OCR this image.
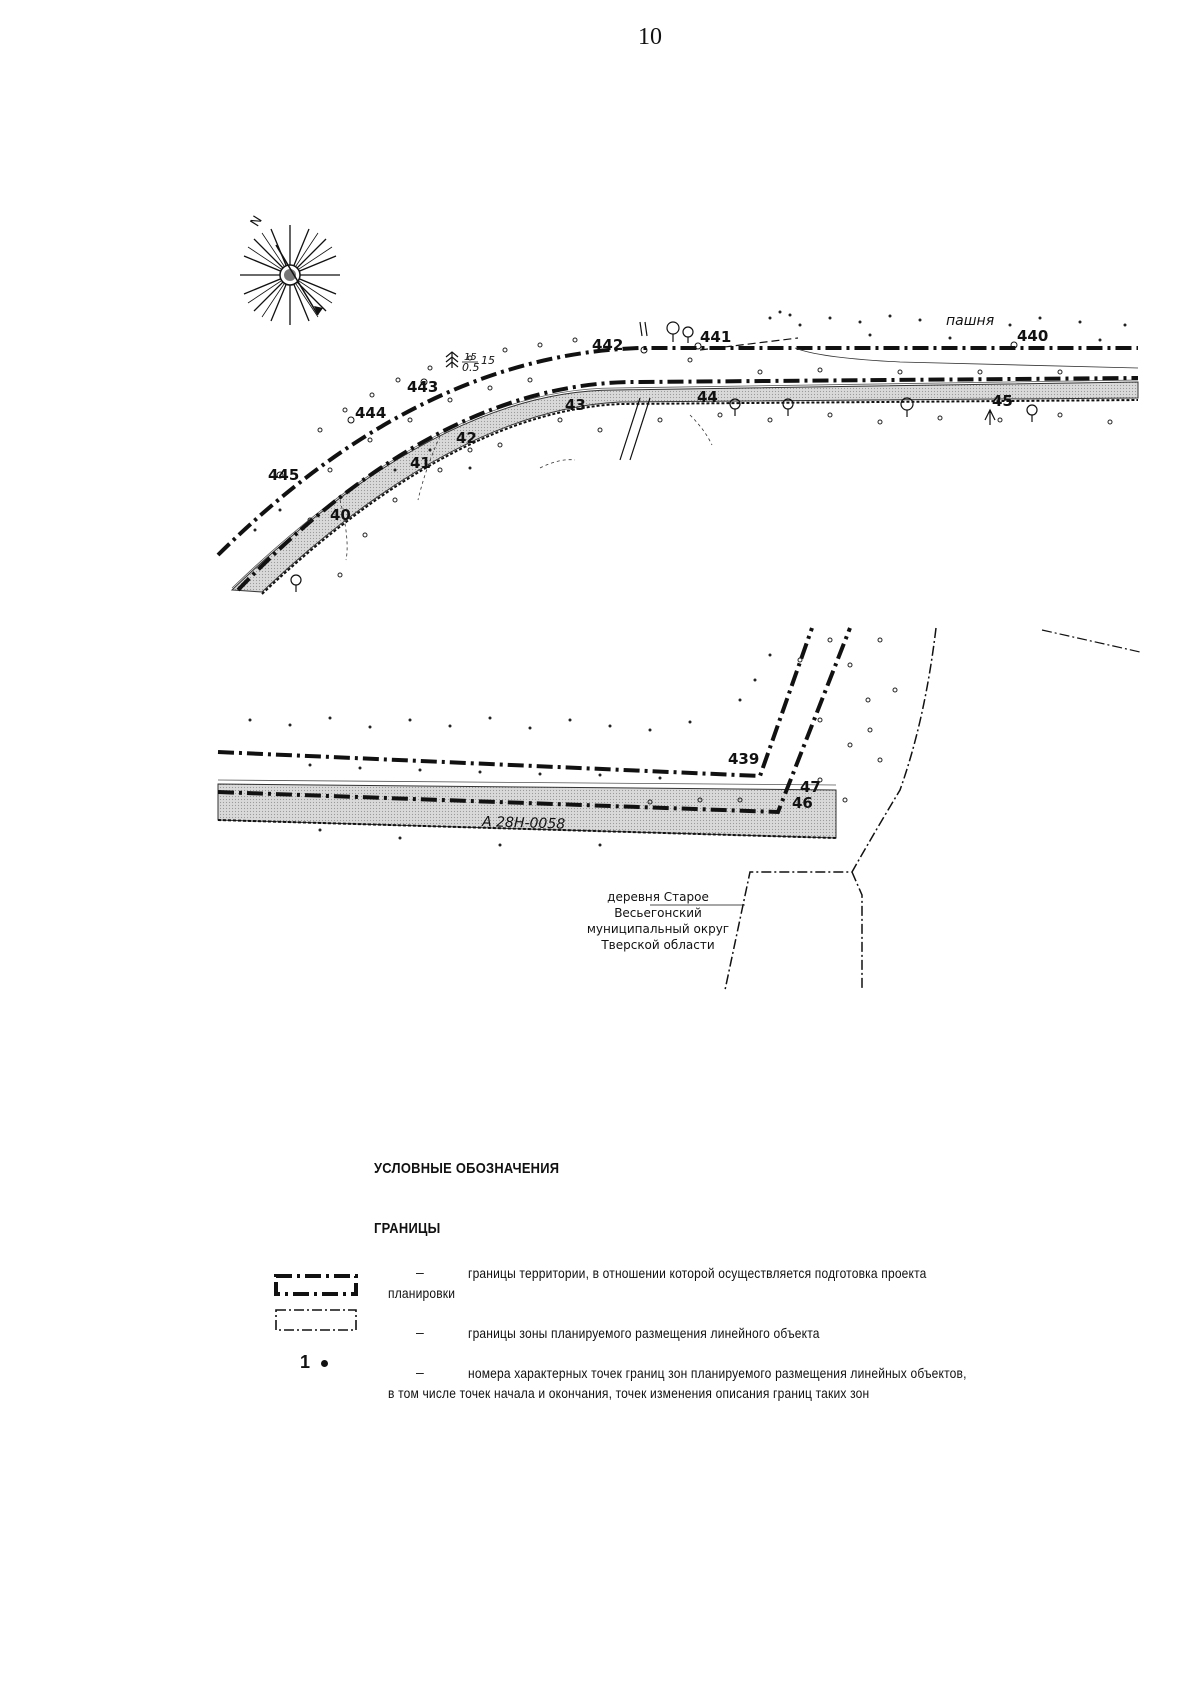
10
N
15
0.5
15
пашня
445
444
443
442	441	440
40
41
42
43	44	45
439
47
46
А 28Н-0058
деревня Старое
Весьегонский
муниципальный округ
Тверской области
УСЛОВНЫЕ ОБОЗНАЧЕНИЯ
ГРАНИЦЫ
1
–	границы территории, в отношении которой осуществляется подготовка проекта
планировки
–	границы зоны планируемого размещения линейного объекта
–	номера характерных точек границ зон планируемого размещения линейных объектов,
в том числе точек начала и окончания, точек изменения описания границ таких зон
